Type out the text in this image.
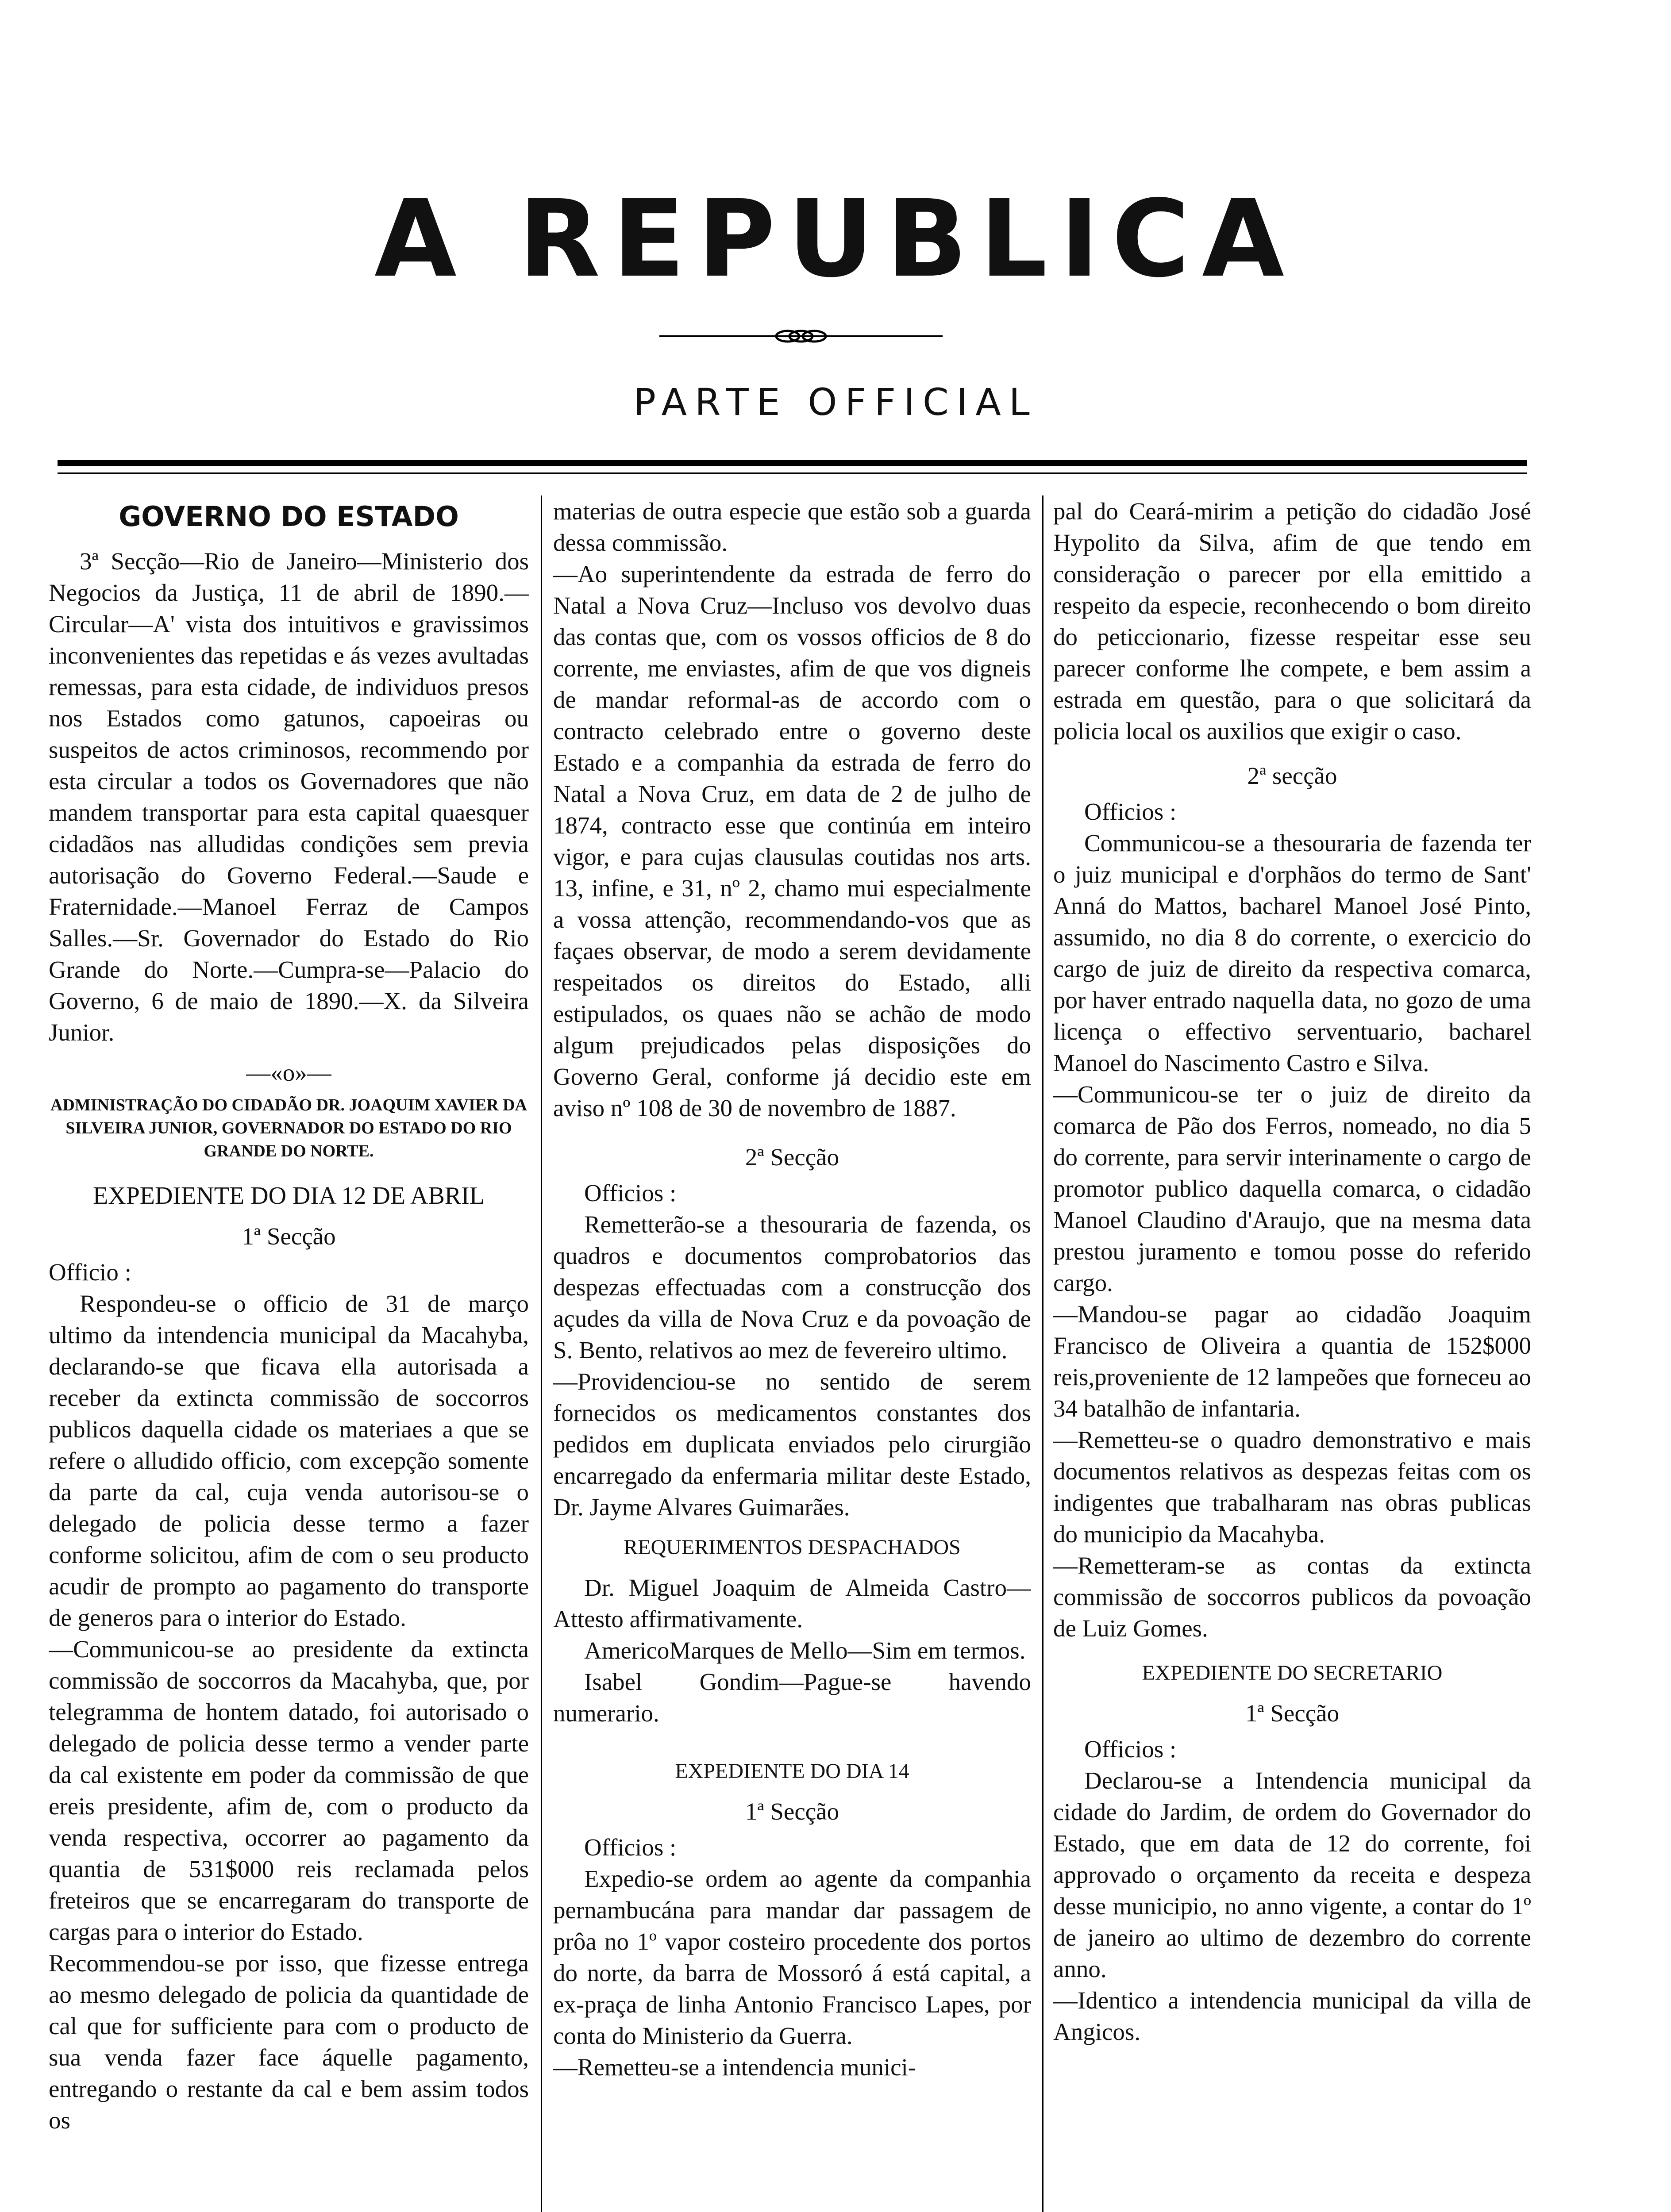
A REPUBLICA
PARTE OFFICIAL
GOVERNO DO ESTADO

3ª Secção—Rio de Janeiro—Ministerio dos Negocios da Justiça, 11 de abril de 1890.—Circular—A' vista dos intuitivos e gravissimos inconvenientes das repetidas e ás vezes avultadas remessas, para esta cidade, de individuos presos nos Estados como gatunos, capoeiras ou suspeitos de actos criminosos, recommendo por esta circular a todos os Governadores que não mandem transportar para esta capital quaesquer cidadãos nas alludidas condições sem previa autorisação do Governo Federal.—Saude e Fraternidade.—Manoel Ferraz de Campos Salles.—Sr. Governador do Estado do Rio Grande do Norte.—Cumpra-se—Palacio do Governo, 6 de maio de 1890.—X. da Silveira Junior.

—«o»—

ADMINISTRAÇÃO DO CIDADÃO DR. JOAQUIM XAVIER DA SILVEIRA JUNIOR, GOVERNADOR DO ESTADO DO RIO GRANDE DO NORTE.
EXPEDIENTE DO DIA 12 DE ABRIL
1ª Secção

Officio :

Respondeu-se o officio de 31 de março ultimo da intendencia municipal da Macahyba, declarando-se que ficava ella autorisada a receber da extincta commissão de soccorros publicos daquella cidade os materiaes a que se refere o alludido officio, com excepção somente da parte da cal, cuja venda autorisou-se o delegado de policia desse termo a fazer conforme solicitou, afim de com o seu producto acudir de prompto ao pagamento do transporte de generos para o interior do Estado.

—Communicou-se ao presidente da extincta commissão de soccorros da Macahyba, que, por telegramma de hontem datado, foi autorisado o delegado de policia desse termo a vender parte da cal existente em poder da commissão de que ereis presidente, afim de, com o producto da venda respectiva, occorrer ao pagamento da quantia de 531$000 reis reclamada pelos freteiros que se encarregaram do transporte de cargas para o interior do Estado.

Recommendou-se por isso, que fizesse entrega ao mesmo delegado de policia da quantidade de cal que for sufficiente para com o producto de sua venda fazer face áquelle pagamento, entregando o restante da cal e bem assim todos os

materias de outra especie que estão sob a guarda dessa commissão.

—Ao superintendente da estrada de ferro do Natal a Nova Cruz—Incluso vos devolvo duas das contas que, com os vossos officios de 8 do corrente, me enviastes, afim de que vos digneis de mandar reformal-as de accordo com o contracto celebrado entre o governo deste Estado e a companhia da estrada de ferro do Natal a Nova Cruz, em data de 2 de julho de 1874, contracto esse que continúa em inteiro vigor, e para cujas clausulas coutidas nos arts. 13, infine, e 31, nº 2, chamo mui especialmente a vossa attenção, recommendando-vos que as façaes observar, de modo a serem devidamente respeitados os direitos do Estado, alli estipulados, os quaes não se achão de modo algum prejudicados pelas disposições do Governo Geral, conforme já decidio este em aviso nº 108 de 30 de novembro de 1887.

2ª Secção

Officios :

Remetterão-se a thesouraria de fazenda, os quadros e documentos comprobatorios das despezas effectuadas com a construcção dos açudes da villa de Nova Cruz e da povoação de S. Bento, relativos ao mez de fevereiro ultimo.

—Providenciou-se no sentido de serem fornecidos os medicamentos constantes dos pedidos em duplicata enviados pelo cirurgião encarregado da enfermaria militar deste Estado, Dr. Jayme Alvares Guimarães.

REQUERIMENTOS DESPACHADOS

Dr. Miguel Joaquim de Almeida Castro—Attesto affirmativamente.

AmericoMarques de Mello—Sim em termos.

Isabel Gondim—Pague-se havendo numerario.

EXPEDIENTE DO DIA 14
1ª Secção

Officios :

Expedio-se ordem ao agente da companhia pernambucána para mandar dar passagem de prôa no 1º vapor costeiro procedente dos portos do norte, da barra de Mossoró á está capital, a ex-praça de linha Antonio Francisco Lapes, por conta do Ministerio da Guerra.

—Remetteu-se a intendencia munici-

pal do Ceará-mirim a petição do cidadão José Hypolito da Silva, afim de que tendo em consideração o parecer por ella emittido a respeito da especie, reconhecendo o bom direito do peticcionario, fizesse respeitar esse seu parecer conforme lhe compete, e bem assim a estrada em questão, para o que solicitará da policia local os auxilios que exigir o caso.

2ª secção

Officios :

Communicou-se a thesouraria de fazenda ter o juiz municipal e d'orphãos do termo de Sant' Anná do Mattos, bacharel Manoel José Pinto, assumido, no dia 8 do corrente, o exercicio do cargo de juiz de direito da respectiva comarca, por haver entrado naquella data, no gozo de uma licença o effectivo serventuario, bacharel Manoel do Nascimento Castro e Silva.

—Communicou-se ter o juiz de direito da comarca de Pão dos Ferros, nomeado, no dia 5 do corrente, para servir interinamente o cargo de promotor publico daquella comarca, o cidadão Manoel Claudino d'Araujo, que na mesma data prestou juramento e tomou posse do referido cargo.

—Mandou-se pagar ao cidadão Joaquim Francisco de Oliveira a quantia de 152$000 reis,proveniente de 12 lampeões que forneceu ao 34 batalhão de infantaria.

—Remetteu-se o quadro demonstrativo e mais documentos relativos as despezas feitas com os indigentes que trabalharam nas obras publicas do municipio da Macahyba.

—Remetteram-se as contas da extincta commissão de soccorros publicos da povoação de Luiz Gomes.

EXPEDIENTE DO SECRETARIO
1ª Secção

Officios :

Declarou-se a Intendencia municipal da cidade do Jardim, de ordem do Governador do Estado, que em data de 12 do corrente, foi approvado o orçamento da receita e despeza desse municipio, no anno vigente, a contar do 1º de janeiro ao ultimo de dezembro do corrente anno.

—Identico a intendencia municipal da villa de Angicos.
